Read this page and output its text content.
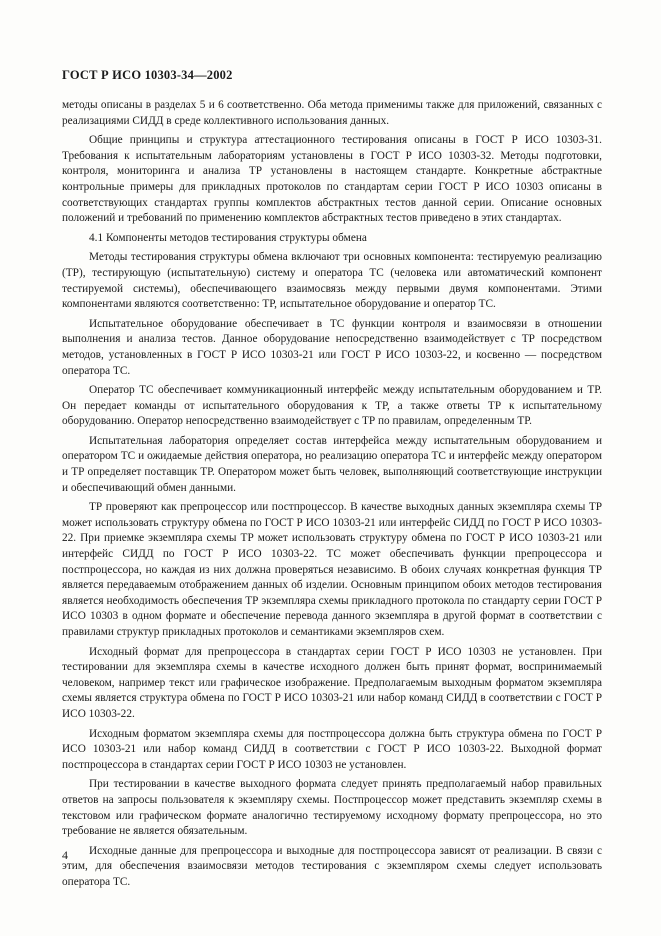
ГОСТ Р ИСО 10303-34—2002

методы описаны в разделах 5 и 6 соответственно. Оба метода применимы также для приложений, связанных с реализациями СИДД в среде коллективного использования данных.

Общие принципы и структура аттестационного тестирования описаны в ГОСТ Р ИСО 10303-31. Требования к испытательным лабораториям установлены в ГОСТ Р ИСО 10303-32. Методы подготовки, контроля, мониторинга и анализа ТР установлены в настоящем стандарте. Конкретные абстрактные контрольные примеры для прикладных протоколов по стандартам серии ГОСТ Р ИСО 10303 описаны в соответствующих стандартах группы комплектов абстрактных тестов данной серии. Описание основных положений и требований по применению комплектов абстрактных тестов приведено в этих стандартах.

4.1 Компоненты методов тестирования структуры обмена

Методы тестирования структуры обмена включают три основных компонента: тестируемую реализацию (ТР), тестирующую (испытательную) систему и оператора ТС (человека или автоматический компонент тестируемой системы), обеспечивающего взаимосвязь между первыми двумя компонентами. Этими компонентами являются соответственно: ТР, испытательное оборудование и оператор ТС.

Испытательное оборудование обеспечивает в ТС функции контроля и взаимосвязи в отношении выполнения и анализа тестов. Данное оборудование непосредственно взаимодействует с ТР посредством методов, установленных в ГОСТ Р ИСО 10303-21 или ГОСТ Р ИСО 10303-22, и косвенно — посредством оператора ТС.

Оператор ТС обеспечивает коммуникационный интерфейс между испытательным оборудованием и ТР. Он передает команды от испытательного оборудования к ТР, а также ответы ТР к испытательному оборудованию. Оператор непосредственно взаимодействует с ТР по правилам, определенным ТР.

Испытательная лаборатория определяет состав интерфейса между испытательным оборудованием и оператором ТС и ожидаемые действия оператора, но реализацию оператора ТС и интерфейс между оператором и ТР определяет поставщик ТР. Оператором может быть человек, выполняющий соответствующие инструкции и обеспечивающий обмен данными.

ТР проверяют как препроцессор или постпроцессор. В качестве выходных данных экземпляра схемы ТР может использовать структуру обмена по ГОСТ Р ИСО 10303-21 или интерфейс СИДД по ГОСТ Р ИСО 10303-22. При приемке экземпляра схемы ТР может использовать структуру обмена по ГОСТ Р ИСО 10303-21 или интерфейс СИДД по ГОСТ Р ИСО 10303-22. ТС может обеспечивать функции препроцессора и постпроцессора, но каждая из них должна проверяться независимо. В обоих случаях конкретная функция ТР является передаваемым отображением данных об изделии. Основным принципом обоих методов тестирования является необходимость обеспечения ТР экземпляра схемы прикладного протокола по стандарту серии ГОСТ Р ИСО 10303 в одном формате и обеспечение перевода данного экземпляра в другой формат в соответствии с правилами структур прикладных протоколов и семантиками экземпляров схем.

Исходный формат для препроцессора в стандартах серии ГОСТ Р ИСО 10303 не установлен. При тестировании для экземпляра схемы в качестве исходного должен быть принят формат, воспринимаемый человеком, например текст или графическое изображение. Предполагаемым выходным форматом экземпляра схемы является структура обмена по ГОСТ Р ИСО 10303-21 или набор команд СИДД в соответствии с ГОСТ Р ИСО 10303-22.

Исходным форматом экземпляра схемы для постпроцессора должна быть структура обмена по ГОСТ Р ИСО 10303-21 или набор команд СИДД в соответствии с ГОСТ Р ИСО 10303-22. Выходной формат постпроцессора в стандартах серии ГОСТ Р ИСО 10303 не установлен.

При тестировании в качестве выходного формата следует принять предполагаемый набор правильных ответов на запросы пользователя к экземпляру схемы. Постпроцессор может представить экземпляр схемы в текстовом или графическом формате аналогично тестируемому исходному формату препроцессора, но это требование не является обязательным.

Исходные данные для препроцессора и выходные для постпроцессора зависят от реализации. В связи с этим, для обеспечения взаимосвязи методов тестирования с экземпляром схемы следует использовать оператора ТС.

4
